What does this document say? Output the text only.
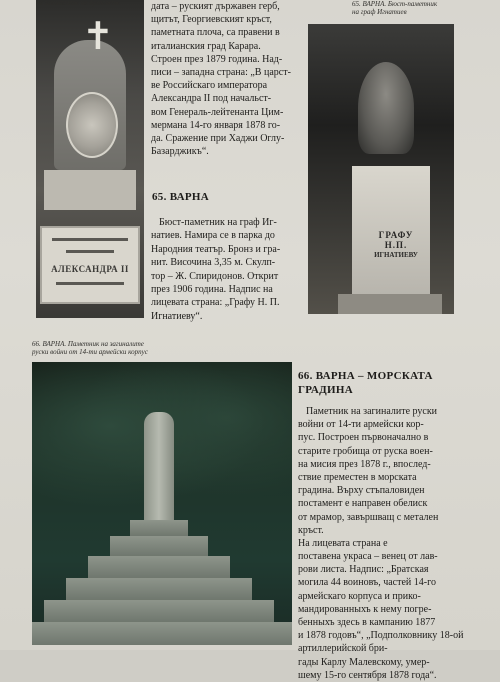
✝
АЛЕКСАНДРА II
на загиналите на бреговете	дата – руският държавен герб,

щитът, Георгиевският кръст,

паметната плоча, са правени в

италианския град Карара.

Строен през 1879 година. Над-

писи – западна страна: „В царст-

ве Российскаго императора

Александра II под начальст-

вом Генераль-лейтенанта Цим-

мермана 14-го января 1878 го-

да. Сражение при Хаджи Оглу-

Базарджикъ“.

65. ВАРНА

Бюст-паметник на граф Иг-

натиев. Намира се в парка до

Народния театър. Бронз и гра-

нит. Височина 3,35 м. Скулп-

тор – Ж. Спиридонов. Открит

през 1906 година. Надпис на

лицевата страна: „Графу Н. П.

Игнатиеву“.

65. ВАРНА. Бюст-паметник
на граф Игнатиев
ГРАФУ
Н.П.
ИГНАТИЕВУ
66. ВАРНА. Паметник на загиналите
руски войни от 14-ти армейски корпус
66. ВАРНА – МОРСКАТА
ГРАДИНА

Паметник на загиналите руски

войни от 14-ти армейски кор-

пус. Построен първоначално в

старите гробища от руска воен-

на мисия през 1878 г., впослед-

ствие преместен в морската

градина. Върху стъпаловиден

постамент е направен обелиск

от мрамор, завършващ с метален кръст.

На лицевата страна е

поставена украса – венец от лав-

рови листа. Надпис: „Братская

могила 44 воиновъ, частей 14-го

армейскаго корпуса и прико-

мандированныхъ к нему погре-

бенныхъ здесь в кампанию 1877

и 1878 годовъ“, „Подполковнику 18-ой

артиллерийской бри-

гады Карлу Малевскому, умер-

шему 15-го сентября 1878 года“.
